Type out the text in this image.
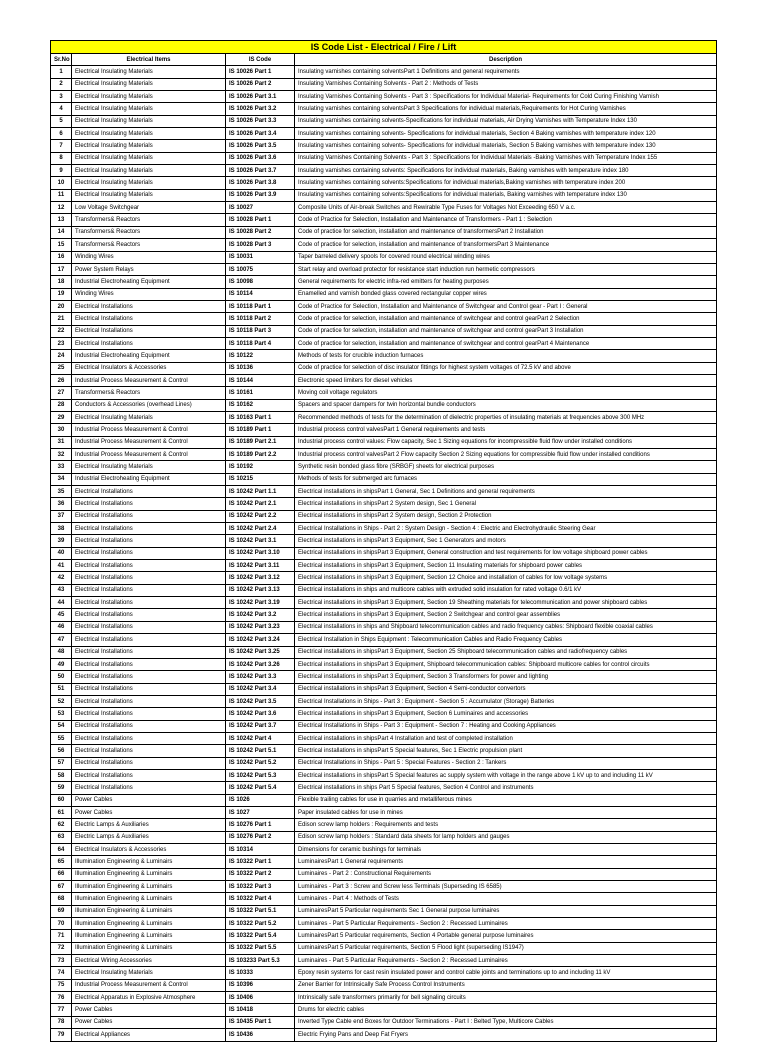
IS Code List - Electrical / Fire / Lift			
Sr.No	Electrical Items	IS Code	Description
1	Electrical Insulating Materials	IS 10026 Part 1	Insulating varnishes containing solventsPart 1 Definitions and general requirements
2	Electrical Insulating Materials	IS 10026 Part 2	Insulating Varnishes Containing Solvents - Part 2 : Methods of Tests
3	Electrical Insulating Materials	IS 10026 Part 3.1	Insulating Varnishes Containing Solvents - Part 3 : Specifications for Individual Material- Requirements for Cold Curing Finishing Varnish
4	Electrical Insulating Materials	IS 10026 Part 3.2	Insulating varnishes containing solventsPart 3 Specifications for individual materials,Requirements for Hot Curing Varnishes
5	Electrical Insulating Materials	IS 10026 Part 3.3	Insulating varnishes containing solvents-Specifications for individual materials, Air Drying Varnishes with Temperature Index 130
6	Electrical Insulating Materials	IS 10026 Part 3.4	Insulating varnishes containing solvents- Specifications for individual materials, Section 4 Baking varnishes with temperature index 120
7	Electrical Insulating Materials	IS 10026 Part 3.5	Insulating varnishes containing solvents- Specifications for individual materials, Section 5 Baking varnishes with temperature index 130
8	Electrical Insulating Materials	IS 10026 Part 3.6	Insulating Varnishes Containing Solvents - Part 3 : Specifications for Individual Materials -Baking Varnishes with Temperature Index 155
9	Electrical Insulating Materials	IS 10026 Part 3.7	Insulating varnishes containing solvents: Specifications for individual materials, Baking varnishes with temperature index 180
10	Electrical Insulating Materials	IS 10026 Part 3.8	Insulating varnishes containing solvents:Specifications for individual materials,Baking varnishes with temperature index 200
11	Electrical Insulating Materials	IS 10026 Part 3.9	Insulating varnishes containing solvents:Specifications for individual materials, Baking varnishes with temperature index 130
12	Low Voltage Switchgear	IS 10027	Composite Units of Air-break Switches and Rewirable Type Fuses for Voltages Not Exceeding 650 V a.c.
13	Transformers& Reactors	IS 10028 Part 1	Code of Practice for Selection, Installation and Maintenance of Transformers - Part 1 : Selection
14	Transformers& Reactors	IS 10028 Part 2	Code of practice for selection, installation and maintenance of transformersPart 2 Installation
15	Transformers& Reactors	IS 10028 Part 3	Code of practice for selection, installation and maintenance of transformersPart 3 Maintenance
16	Winding Wires	IS 10031	Taper barreled delivery spools for covered round electrical winding wires
17	Power System Relays	IS 10075	Start relay and overload protector for resistance start induction run hermetic compressors
18	Industrial Electroheating Equipment	IS 10098	General requirements for electric infra-red emitters for heating purposes
19	Winding Wires	IS 10114	Enamelled and varnish bonded glass covered rectangular copper wires
20	Electrical Installations	IS 10118 Part 1	Code of Practice for Selection, Installation and Maintenance of Switchgear and Control gear - Part I : General
21	Electrical Installations	IS 10118 Part 2	Code of practice for selection, installation and maintenance of switchgear and control gearPart 2 Selection
22	Electrical Installations	IS 10118 Part 3	Code of practice for selection, installation and maintenance of switchgear and control gearPart 3 Installation
23	Electrical Installations	IS 10118 Part 4	Code of practice for selection, installation and maintenance of switchgear and control gearPart 4 Maintenance
24	Industrial Electroheating Equipment	IS 10122	Methods of tests for crucible induction furnaces
25	Electrical Insulators & Accessories	IS 10136	Code of practice for selection of disc insulator fittings for highest system voltages of 72.5 kV and above
26	Industrial Process Measurement & Control	IS 10144	Electronic speed limiters for diesel vehicles
27	Transformers& Reactors	IS 10161	Moving coil voltage regulators
28	Conductors & Accessories (overhead Lines)	IS 10162	Spacers and spacer dampers for twin horizontal bundle conductors
29	Electrical Insulating Materials	IS 10163 Part 1	Recommended methods of tests for the determination of dielectric properties of insulating materials at frequencies above 300 MHz
30	Industrial Process Measurement & Control	IS 10189 Part 1	Industrial process control valvesPart 1 General requirements and tests
31	Industrial Process Measurement & Control	IS 10189 Part 2.1	Industrial process control values: Flow capacity, Sec 1 Sizing equations for incompressible fluid flow under installed conditions
32	Industrial Process Measurement & Control	IS 10189 Part 2.2	Industrial process control valvesPart 2 Flow capacity Section 2 Sizing equations for compressible fluid flow under installed conditions
33	Electrical Insulating Materials	IS 10192	Synthetic resin bonded glass fibre (SRBGF) sheets for electrical purposes
34	Industrial Electroheating Equipment	IS 10215	Methods of tests for submerged arc furnaces
35	Electrical Installations	IS 10242 Part 1.1	Electrical installations in shipsPart 1 General, Sec 1 Definitions and general requirements
36	Electrical Installations	IS 10242 Part 2.1	Electrical installations in shipsPart 2 System design, Sec 1 General
37	Electrical Installations	IS 10242 Part 2.2	Electrical installations in shipsPart 2 System design, Section 2 Protection
38	Electrical Installations	IS 10242 Part 2.4	Electrical Installations in Ships - Part 2 : System Design - Section 4 : Electric and Electrohydraulic Steering Gear
39	Electrical Installations	IS 10242 Part 3.1	Electrical installations in shipsPart 3 Equipment, Sec 1 Generators and motors
40	Electrical Installations	IS 10242 Part 3.10	Electrical installations in shipsPart 3 Equipment, General construction and test requirements for low voltage shipboard power cables
41	Electrical Installations	IS 10242 Part 3.11	Electrical installations in shipsPart 3 Equipment, Section 11 Insulating materials for shipboard power cables
42	Electrical Installations	IS 10242 Part 3.12	Electrical installations in shipsPart 3 Equipment, Section 12 Choice and installation of cables for low voltage systems
43	Electrical Installations	IS 10242 Part 3.13	Electrical installations in ships and multicore cables with extruded solid insulation for rated voltage 0.6/1 kV
44	Electrical Installations	IS 10242 Part 3.19	Electrical installations in shipsPart 3 Equipment, Section 19 Sheathing materials for telecommunication and power shipboard cables
45	Electrical Installations	IS 10242 Part 3.2	Electrical installations in shipsPart 3 Equipment, Section 2 Switchgear and control gear assemblies
46	Electrical Installations	IS 10242 Part 3.23	Electrical installations in ships and Shipboard telecommunication cables and radio frequency cables: Shipboard flexible coaxial cables
47	Electrical Installations	IS 10242 Part 3.24	Electrical Installation in Ships Equipment : Telecommunication Cables and Radio Frequency Cables
48	Electrical Installations	IS 10242 Part 3.25	Electrical installations in shipsPart 3 Equipment, Section 25 Shipboard telecommunication cables and radiofrequency cables
49	Electrical Installations	IS 10242 Part 3.26	Electrical installations in shipsPart 3 Equipment, Shipboard telecommunication cables: Shipboard multicore cables for control circuits
50	Electrical Installations	IS 10242 Part 3.3	Electrical installations in shipsPart 3 Equipment, Section 3 Transformers for power and lighting
51	Electrical Installations	IS 10242 Part 3.4	Electrical installations in shipsPart 3 Equipment, Section 4 Semi-conductor convertors
52	Electrical Installations	IS 10242 Part 3.5	Electrical Installations in Ships - Part 3 : Equipment - Section 5 : Accumulator (Storage) Batteries
53	Electrical Installations	IS 10242 Part 3.6	Electrical installations in shipsPart 3 Equipment, Section 6 Luminaires and accessories
54	Electrical Installations	IS 10242 Part 3.7	Electrical Installations in Ships - Part 3 : Equipment - Section 7 : Heating and Cooking Appliances
55	Electrical Installations	IS 10242 Part 4	Electrical installations in shipsPart 4 Installation and test of completed installation
56	Electrical Installations	IS 10242 Part 5.1	Electrical installations in shipsPart 5 Special features, Sec 1 Electric propulsion plant
57	Electrical Installations	IS 10242 Part 5.2	Electrical Installations in Ships - Part 5 : Special Features - Section 2 : Tankers
58	Electrical Installations	IS 10242 Part 5.3	Electrical installations in shipsPart 5 Special features ac supply system with voltage in the range above 1 kV up to and including 11 kV
59	Electrical Installations	IS 10242 Part 5.4	Electrical installations in ships Part 5 Special features, Section 4 Control and instruments
60	Power Cables	IS 1026	Flexible trailing cables for use in quarries and metalliferous mines
61	Power Cables	IS 1027	Paper insulated cables for use in mines
62	Electric Lamps & Auxiliaries	IS 10276 Part 1	Edison screw lamp holders : Requirements and tests
63	Electric Lamps & Auxiliaries	IS 10276 Part 2	Edison screw lamp holders : Standard data sheets for lamp holders and gauges
64	Electrical Insulators & Accessories	IS 10314	Dimensions for ceramic bushings for terminals
65	Illumination Engineering & Luminairs	IS 10322 Part 1	LuminairesPart 1 General requirements
66	Illumination Engineering & Luminairs	IS 10322 Part 2	Luminaires - Part 2 : Constructional Requirements
67	Illumination Engineering & Luminairs	IS 10322 Part 3	Luminaires - Part 3 : Screw and Screw less Terminals (Superseding IS 6585)
68	Illumination Engineering & Luminairs	IS 10322 Part 4	Luminaires - Part 4 : Methods of Tests
69	Illumination Engineering & Luminairs	IS 10322 Part 5.1	LuminairesPart 5 Particular requirements Sec 1 General purpose luminaires
70	Illumination Engineering & Luminairs	IS 10322 Part 5.2	Luminaires - Part 5 Particular Requirements - Section 2 : Recessed Luminaires
71	Illumination Engineering & Luminairs	IS 10322 Part 5.4	LuminairesPart 5 Particular requirements, Section 4 Portable general purpose luminaires
72	Illumination Engineering & Luminairs	IS 10322 Part 5.5	LuminairesPart 5 Particular requirements, Section 5 Flood light (superseding IS1947)
73	Electrical Wiring Accessories	IS 103233 Part 5.3	Luminaires - Part 5 Particular Requirements - Section 2 : Recessed Luminaires
74	Electrical Insulating Materials	IS 10333	Epoxy resin systems for cast resin insulated power and control cable joints and terminations up to and including 11 kV
75	Industrial Process Measurement & Control	IS 10396	Zener Barrier for Intrinsically Safe Process Control Instruments
76	Electrical Apparatus in Explosive Atmosphere	IS 10406	Intrinsically safe transformers primarily for bell signaling circuits
77	Power Cables	IS 10418	Drums for electric cables
78	Power Cables	IS 10435 Part 1	Inverted Type Cable end Boxes for Outdoor Terminations - Part I : Belted Type, Multicore Cables
79	Electrical Appliances	IS 10436	Electric Frying Pans and Deep Fat Fryers
